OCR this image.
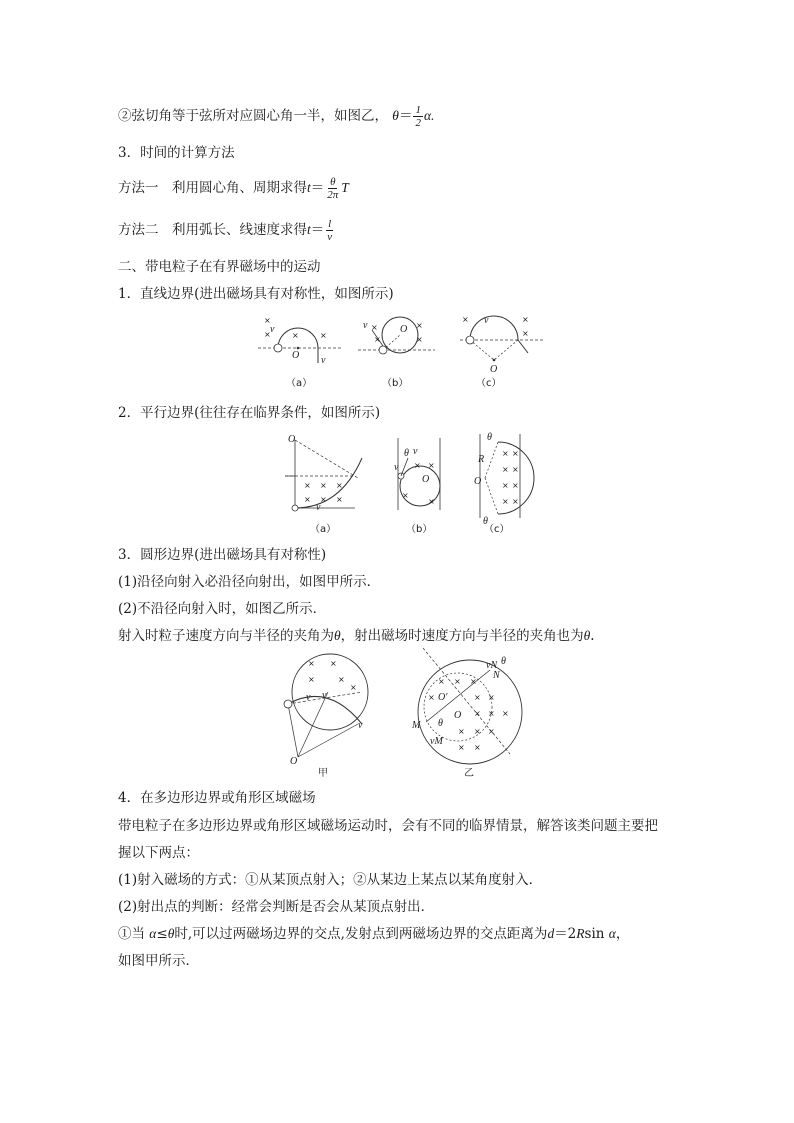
②弦切角等于弦所对应圆心角一半，如图乙， $\theta= \frac{1}{2} \alpha$.
3．时间的计算方法
方法一　利用圆心角、周期求得$t= \frac{\theta}{2\pi}$ T
方法二　利用弧长、线速度求得$t= \frac{l}{v}$
二、带电粒子在有界磁场中的运动
1．直线边界(进出磁场具有对称性，如图所示)
×
×	×	×
v
O v
（a）
v ×	×
×	×
O
（b）
×	×
×
v
O
（c）
2．平行边界(往往存在临界条件，如图所示)
O
× × ×
× × ×
v
（a）
v
θ v
O
× ×
×
×
（b）
θ
R
O
θ
× ×
× ×
× ×
× ×
（c）
3．圆形边界(进出磁场具有对称性)
(1)沿径向射入必沿径向射出，如图甲所示．
(2)不沿径向射入时，如图乙所示．
射入时粒子速度方向与半径的夹角为θ，射出磁场时速度方向与半径的夹角也为θ.
× ×
×	×
×
v
v
v
O
甲
vN θ
N
O'
O
M θ
vM
× × ×
×	× ×
× × ×
× × ×
× ×
乙
4．在多边形边界或角形区域磁场
带电粒子在多边形边界或角形区域磁场运动时，会有不同的临界情景，解答该类问题主要把
握以下两点：
(1)射入磁场的方式：①从某顶点射入；②从某边上某点以某角度射入．
(2)射出点的判断：经常会判断是否会从某顶点射出．
①当 α≤θ时,可以过两磁场边界的交点,发射点到两磁场边界的交点距离为d＝2Rsin α，
如图甲所示．
